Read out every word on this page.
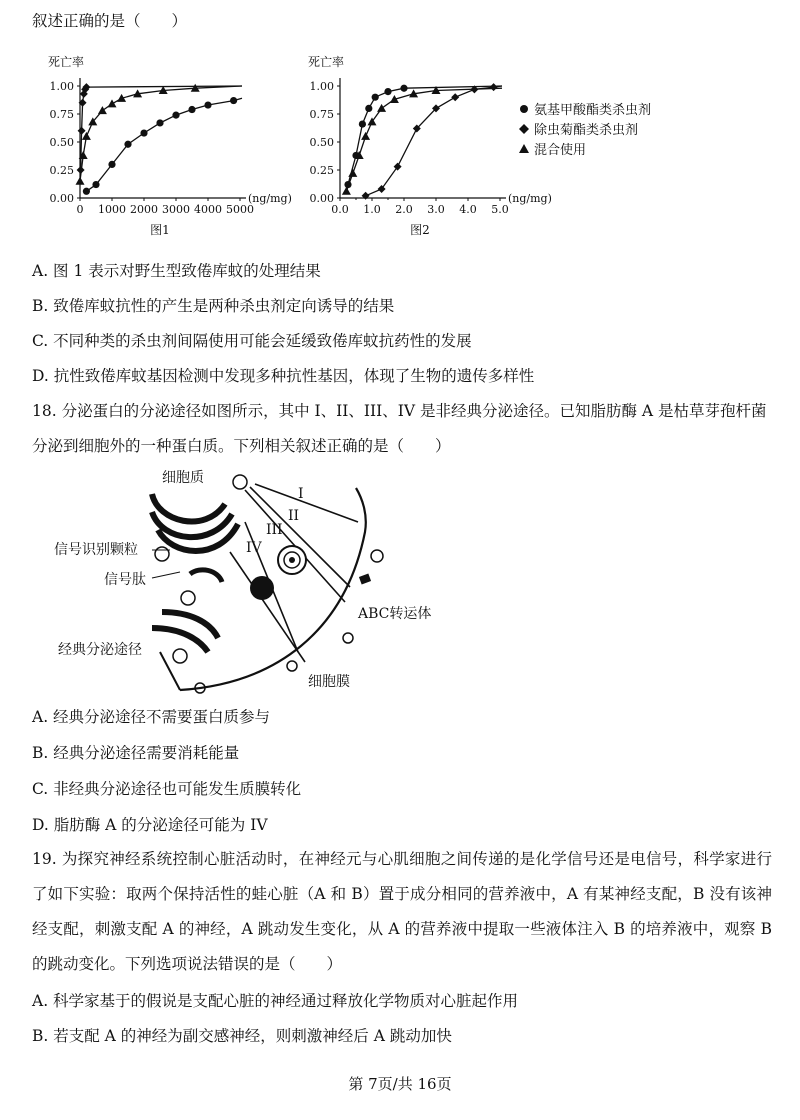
叙述正确的是（　　）
死亡率
0.00
0.25
0.50
0.75
1.00
0 1000 2000 3000 4000 5000
(ng/mg)
图1
死亡率
0.00
0.25
0.50
0.75
1.00
0.0 1.0 2.0 3.0 4.0 5.0
(ng/mg)
图2
氨基甲酸酯类杀虫剂
除虫菊酯类杀虫剂
混合使用
A. 图 1 表示对野生型致倦库蚊的处理结果
B. 致倦库蚊抗性的产生是两种杀虫剂定向诱导的结果
C. 不同种类的杀虫剂间隔使用可能会延缓致倦库蚊抗药性的发展
D. 抗性致倦库蚊基因检测中发现多种抗性基因，体现了生物的遗传多样性
18. 分泌蛋白的分泌途径如图所示，其中 I、II、III、IV 是非经典分泌途径。已知脂肪酶 A 是枯草芽孢杆菌
分泌到细胞外的一种蛋白质。下列相关叙述正确的是（　　）
I
II
III
IV
细胞质
信号识别颗粒
信号肽
经典分泌途径
ABC转运体
细胞膜
A. 经典分泌途径不需要蛋白质参与
B. 经典分泌途径需要消耗能量
C. 非经典分泌途径也可能发生质膜转化
D. 脂肪酶 A 的分泌途径可能为 IV
19. 为探究神经系统控制心脏活动时，在神经元与心肌细胞之间传递的是化学信号还是电信号，科学家进行了如下实验：取两个保持活性的蛙心脏（A 和 B）置于成分相同的营养液中，A 有某神经支配，B 没有该神经支配，刺激支配 A 的神经，A 跳动发生变化，从 A 的营养液中提取一些液体注入 B 的培养液中，观察 B 的跳动变化。下列选项说法错误的是（　　）
A. 科学家基于的假说是支配心脏的神经通过释放化学物质对心脏起作用
B. 若支配 A 的神经为副交感神经，则刺激神经后 A 跳动加快
第 7页/共 16页
